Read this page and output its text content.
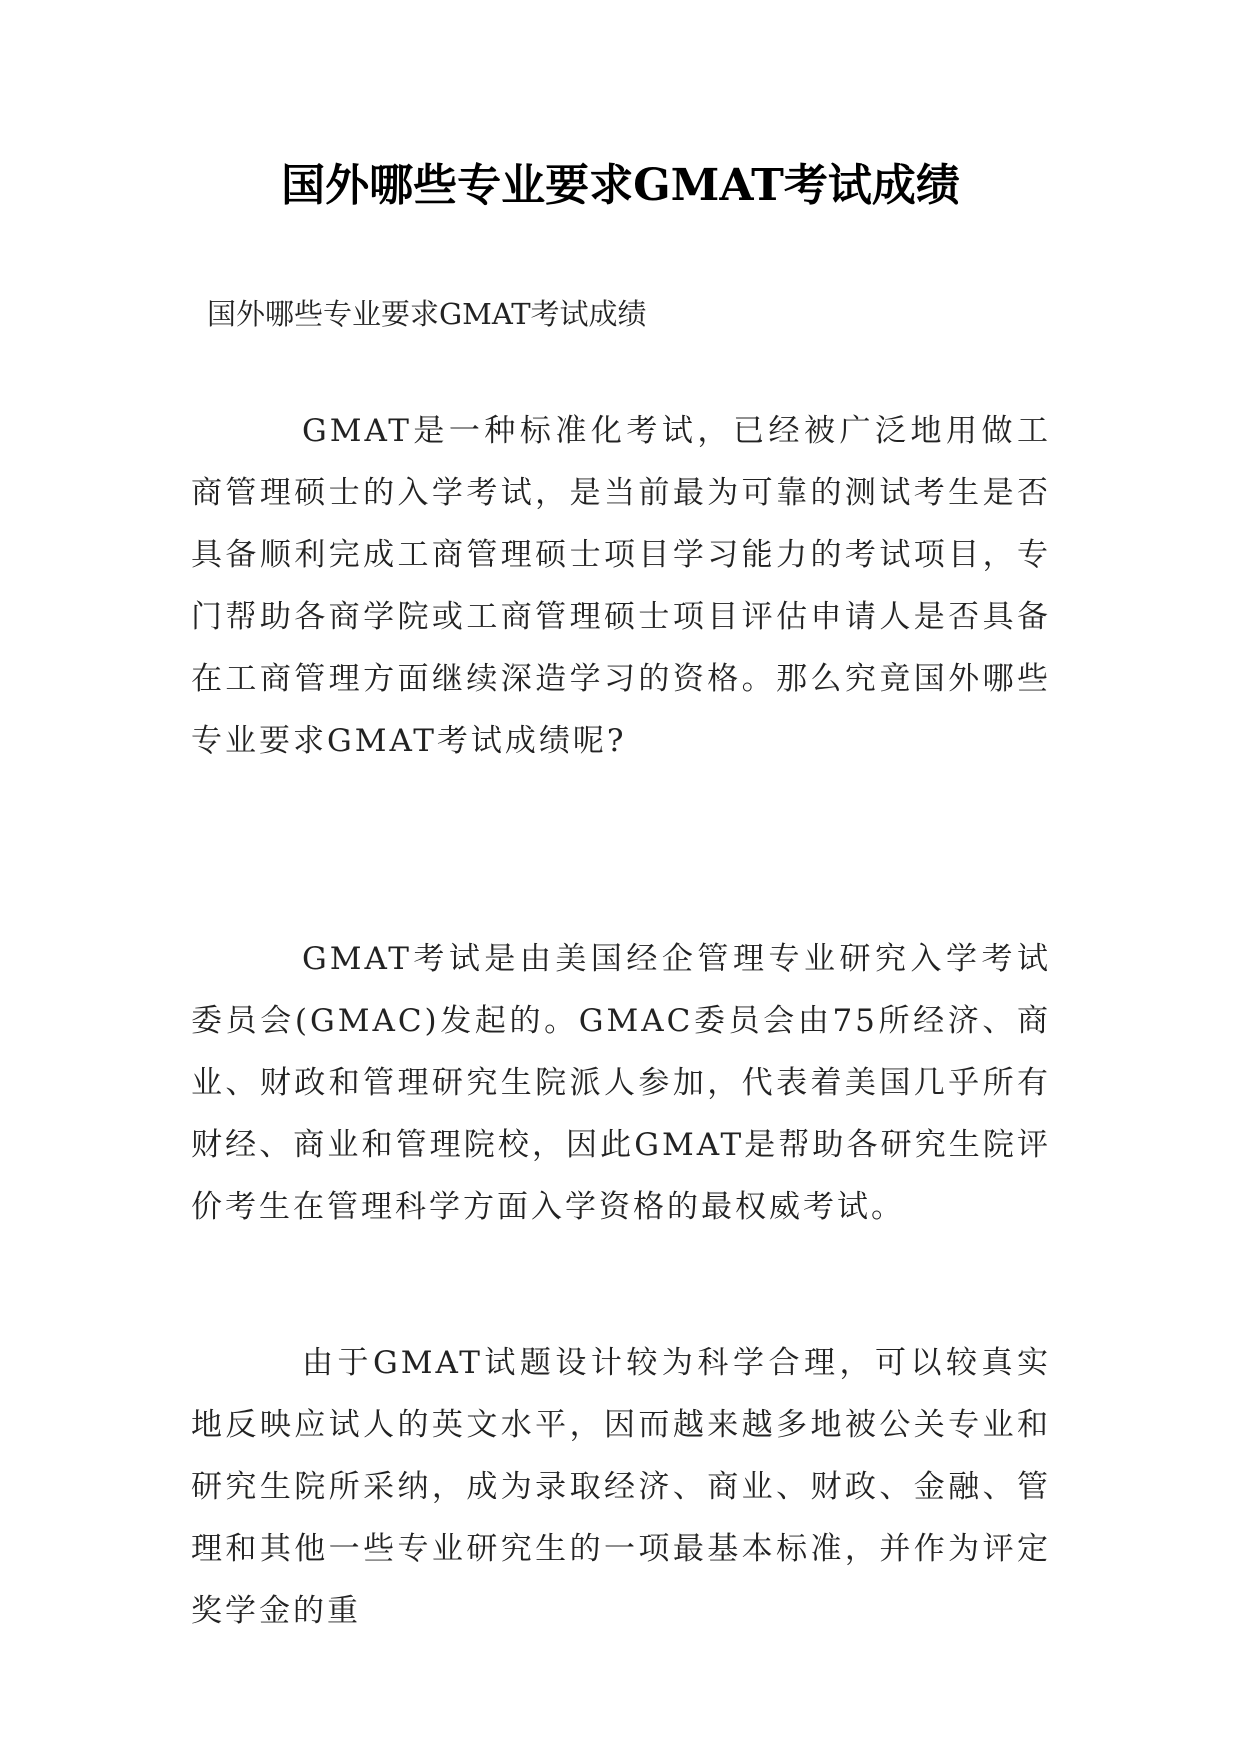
国外哪些专业要求GMAT考试成绩

国外哪些专业要求GMAT考试成绩

GMAT是一种标准化考试，已经被广泛地用做工商管理硕士的入学考试，是当前最为可靠的测试考生是否具备顺利完成工商管理硕士项目学习能力的考试项目，专门帮助各商学院或工商管理硕士项目评估申请人是否具备在工商管理方面继续深造学习的资格。那么究竟国外哪些专业要求GMAT考试成绩呢?

GMAT考试是由美国经企管理专业研究入学考试委员会(GMAC)发起的。GMAC委员会由75所经济、商业、财政和管理研究生院派人参加，代表着美国几乎所有财经、商业和管理院校，因此GMAT是帮助各研究生院评价考生在管理科学方面入学资格的最权威考试。

由于GMAT试题设计较为科学合理，可以较真实地反映应试人的英文水平，因而越来越多地被公关专业和研究生院所采纳，成为录取经济、商业、财政、金融、管理和其他一些专业研究生的一项最基本标准，并作为评定奖学金的重
